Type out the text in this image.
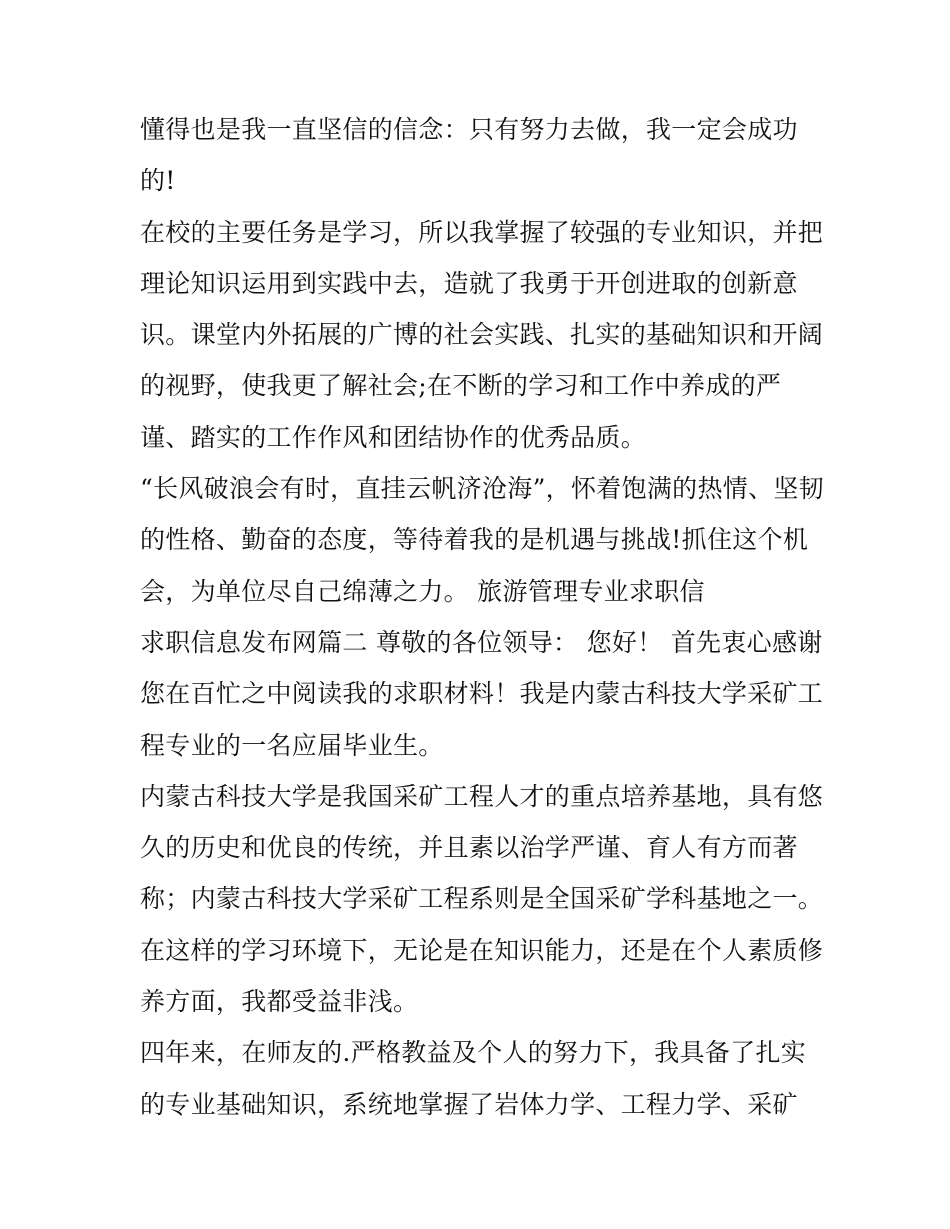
懂得也是我一直坚信的信念：只有努力去做，我一定会成功
的!
在校的主要任务是学习，所以我掌握了较强的专业知识，并把
理论知识运用到实践中去，造就了我勇于开创进取的创新意
识。课堂内外拓展的广博的社会实践、扎实的基础知识和开阔
的视野，使我更了解社会;在不断的学习和工作中养成的严
谨、踏实的工作作风和团结协作的优秀品质。
“长风破浪会有时，直挂云帆济沧海”，怀着饱满的热情、坚韧
的性格、勤奋的态度，等待着我的是机遇与挑战!抓住这个机
会，为单位尽自己绵薄之力。 旅游管理专业求职信
求职信息发布网篇二 尊敬的各位领导： 您好！ 首先衷心感谢
您在百忙之中阅读我的求职材料！我是内蒙古科技大学采矿工
程专业的一名应届毕业生。
内蒙古科技大学是我国采矿工程人才的重点培养基地，具有悠
久的历史和优良的传统，并且素以治学严谨、育人有方而著
称；内蒙古科技大学采矿工程系则是全国采矿学科基地之一。
在这样的学习环境下，无论是在知识能力，还是在个人素质修
养方面，我都受益非浅。
四年来，在师友的.严格教益及个人的努力下，我具备了扎实
的专业基础知识，系统地掌握了岩体力学、工程力学、采矿
